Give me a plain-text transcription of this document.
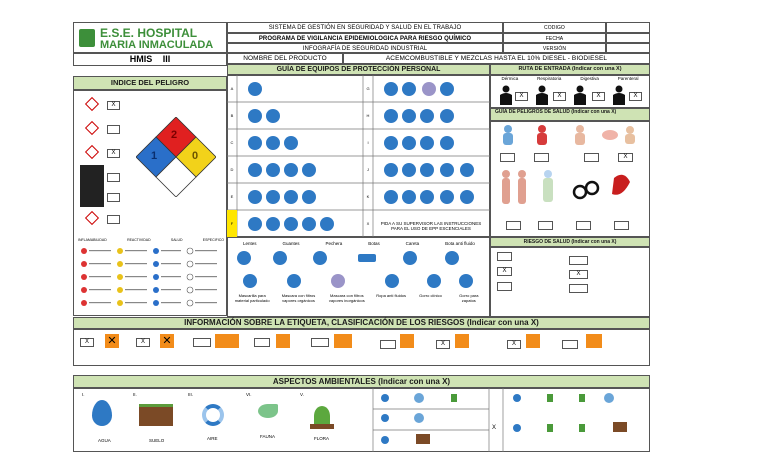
E.S.E. HOSPITAL
MARIA INMACULADA
SISTEMA DE GESTIÓN EN SEGURIDAD Y SALUD EN EL TRABAJO
PROGRAMA DE VIGILANCIA EPIDEMIOLOGICA PARA RIESGO QUÍMICO
INFOGRAFÍA DE SEGURIDAD INDUSTRIAL
CODIGO
FECHA
VERSIÓN
HMIS III	NOMBRE DEL PRODUCTO	ACEMCOMBUSTIBLE Y MEZCLAS HASTA EL 10% DIESEL - BIODIESEL
INDICE DEL PELIGRO
X
X
2
1	0
INFLAMABILIDAD	REACTIVIDAD	SALUD	ESPECIFICO
GUÍA DE EQUIPOS DE PROTECCIÓN PERSONAL
A
B
C
D
E
F
G
H
I
J
K
X	PIDA A SU SUPERVISOR LAS INSTRUCCIONES PARA EL USO DE EPP ESCENCIALES
Lentes	Guantes	Pechera	Botas	Careta	Bota anti fluido
Mascarilla para material particulado
Mascara con filtros vapores orgánicos
Mascara con filtros vapores inorgánicos
Ropa anti fluidos	Gorro clínico	Gorro para zapatos
RUTA DE ENTRADA (Indicar con una X)
Dérmica	Respiratoria	Digestiva	Parenteral
X	X	X	X
GUÍA DE PELIGROS DE SALUD (Indicar con una X)
X
RIESGO DE SALUD (Indicar con una X)
X	X
INFORMACIÓN SOBRE LA ETIQUETA, CLASIFICACIÓN DE LOS RIESGOS (Indicar con una X)
X	✕	X	✕	X	X
ASPECTOS AMBIENTALES (Indicar con una X)
I.
AGUA
II.
SUELO
III.
AIRE
VI.
FAUNA
V.
FLORA
X
